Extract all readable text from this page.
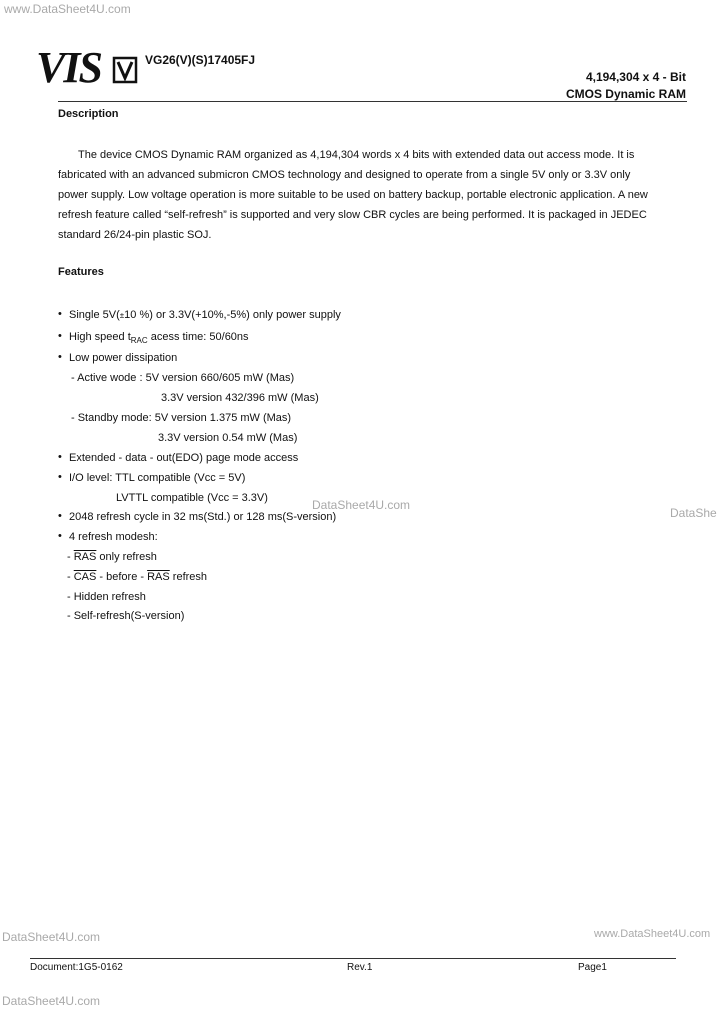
www.DataSheet4U.com
DataSheet4U.com
DataShe
DataSheet4U.com	www.DataSheet4U.com
DataSheet4U.com
VIS	VG26(V)(S)17405FJ
4,194,304 x 4 - Bit
CMOS Dynamic RAM
Description

The device CMOS Dynamic RAM organized as 4,194,304 words x 4 bits with extended data out access mode. It is fabricated with an advanced submicron CMOS technology and designed to operate from a single 5V only or 3.3V only power supply. Low voltage operation is more suitable to be used on battery backup, portable electronic application. A new refresh feature called “self-refresh” is supported and very slow CBR cycles are being performed. It is packaged in JEDEC standard 26/24-pin plastic SOJ.

Features
• Single 5V(±10 %) or 3.3V(+10%,-5%) only power supply
• High speed $t_{RAC}$ acess time: 50/60ns
• Low power dissipation
- Active wode : 5V version 660/605 mW (Mas)
3.3V version 432/396 mW (Mas)
- Standby mode: 5V version 1.375 mW (Mas)
3.3V version 0.54 mW (Mas)
• Extended - data - out(EDO) page mode access
• I/O level: TTL compatible (Vcc = 5V)
LVTTL compatible (Vcc = 3.3V)
• 2048 refresh cycle in 32 ms(Std.) or 128 ms(S-version)
• 4 refresh modesh:
- $\overline{RAS}$ only refresh
- $\overline{CAS}$ - before - $\overline{RAS}$ refresh
- Hidden refresh
- Self-refresh(S-version)
Document:1G5-0162	Rev.1	Page1
